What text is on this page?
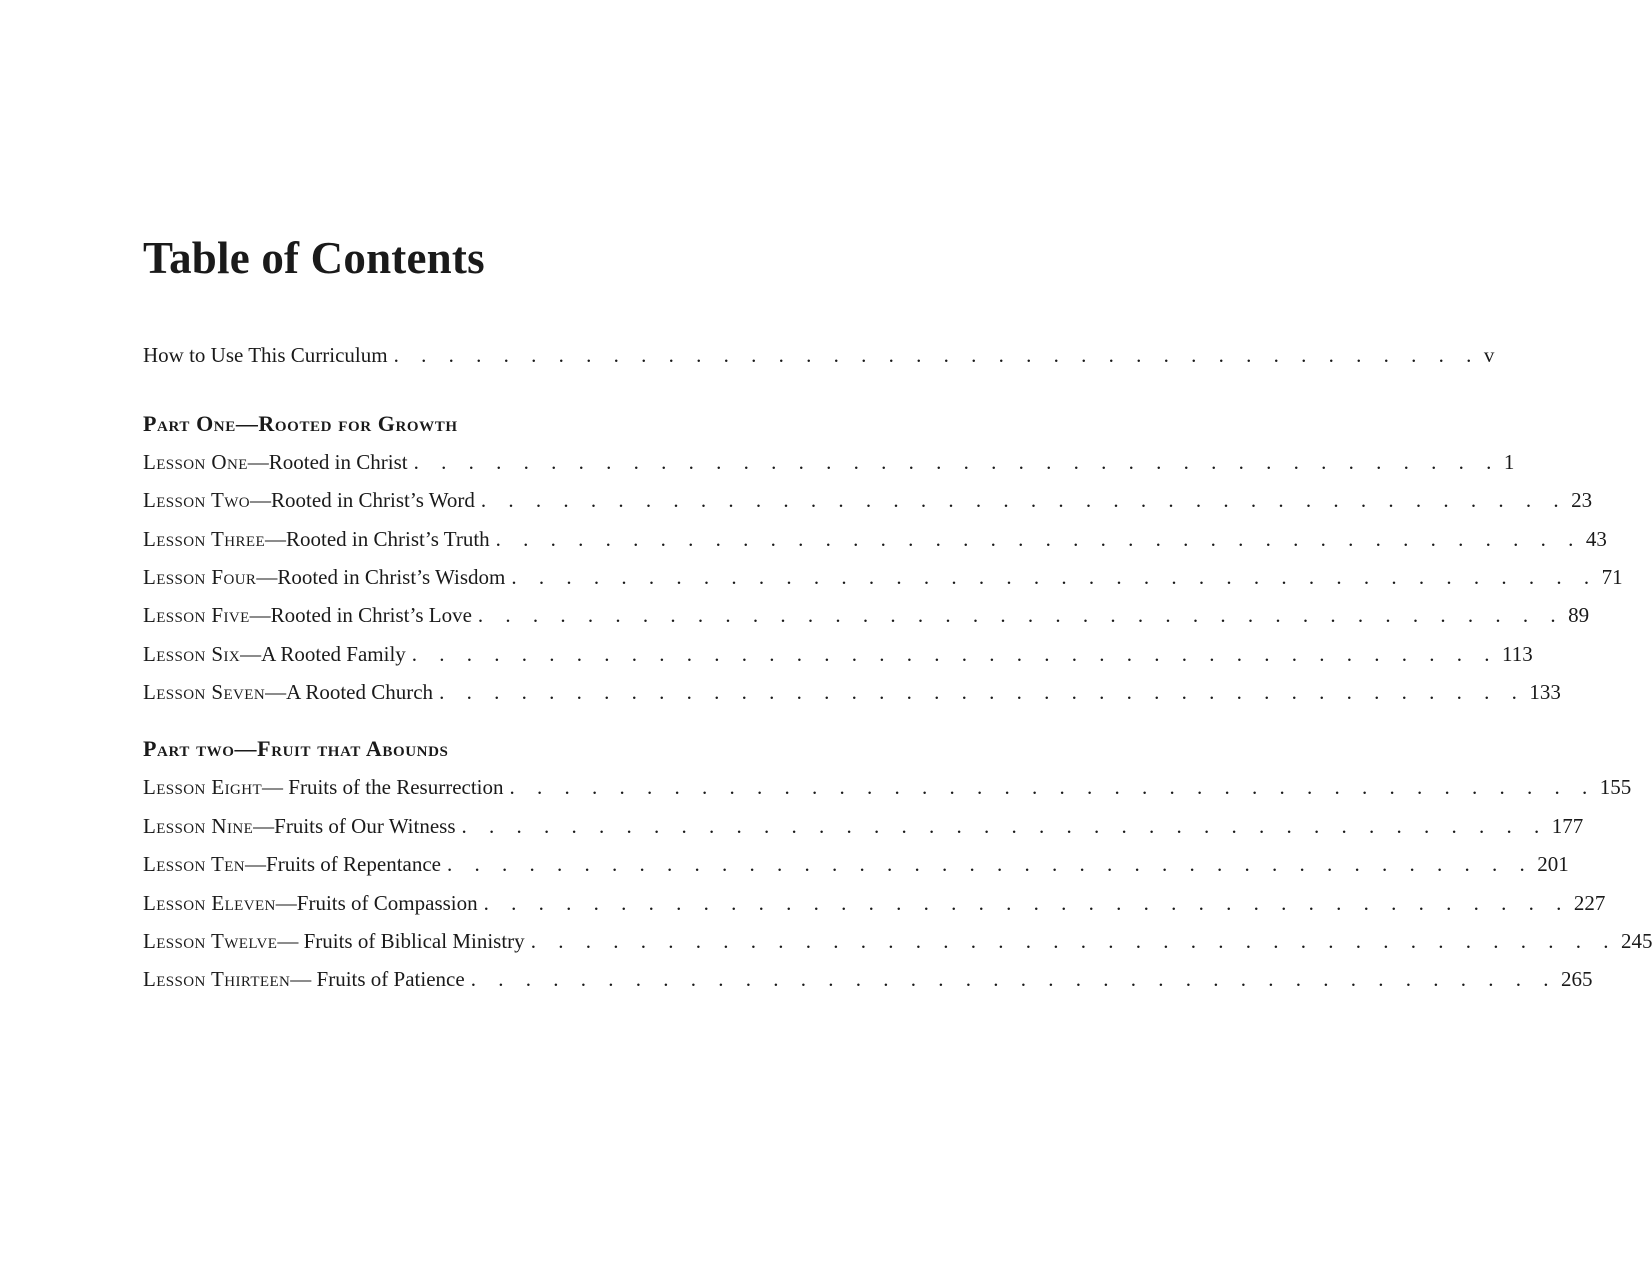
Table of Contents
How to Use This Curriculum . . . . . . . . . . . . . . . . . . . . . . . . . . . . . . . . . . . . . . . . v
Part One—Rooted for Growth
Lesson One—Rooted in Christ . . . . . . . . . . . . . . . . . . . . . . . . . . . . . . . . . . . . . . . . 1
Lesson Two—Rooted in Christ’s Word . . . . . . . . . . . . . . . . . . . . . . . . . . . . . . . . . . . . . . . . 23
Lesson Three—Rooted in Christ’s Truth . . . . . . . . . . . . . . . . . . . . . . . . . . . . . . . . . . . . . . . . 43
Lesson Four—Rooted in Christ’s Wisdom . . . . . . . . . . . . . . . . . . . . . . . . . . . . . . . . . . . . . . . . 71
Lesson Five—Rooted in Christ’s Love . . . . . . . . . . . . . . . . . . . . . . . . . . . . . . . . . . . . . . . . 89
Lesson Six—A Rooted Family . . . . . . . . . . . . . . . . . . . . . . . . . . . . . . . . . . . . . . . . 113
Lesson Seven—A Rooted Church . . . . . . . . . . . . . . . . . . . . . . . . . . . . . . . . . . . . . . . . 133
Part two—Fruit that Abounds
Lesson Eight— Fruits of the Resurrection . . . . . . . . . . . . . . . . . . . . . . . . . . . . . . . . . . . . . . . . 155
Lesson Nine—Fruits of Our Witness . . . . . . . . . . . . . . . . . . . . . . . . . . . . . . . . . . . . . . . . 177
Lesson Ten—Fruits of Repentance . . . . . . . . . . . . . . . . . . . . . . . . . . . . . . . . . . . . . . . . 201
Lesson Eleven—Fruits of Compassion . . . . . . . . . . . . . . . . . . . . . . . . . . . . . . . . . . . . . . . . 227
Lesson Twelve— Fruits of Biblical Ministry . . . . . . . . . . . . . . . . . . . . . . . . . . . . . . . . . . . . . . . . 245
Lesson Thirteen— Fruits of Patience . . . . . . . . . . . . . . . . . . . . . . . . . . . . . . . . . . . . . . . . 265
